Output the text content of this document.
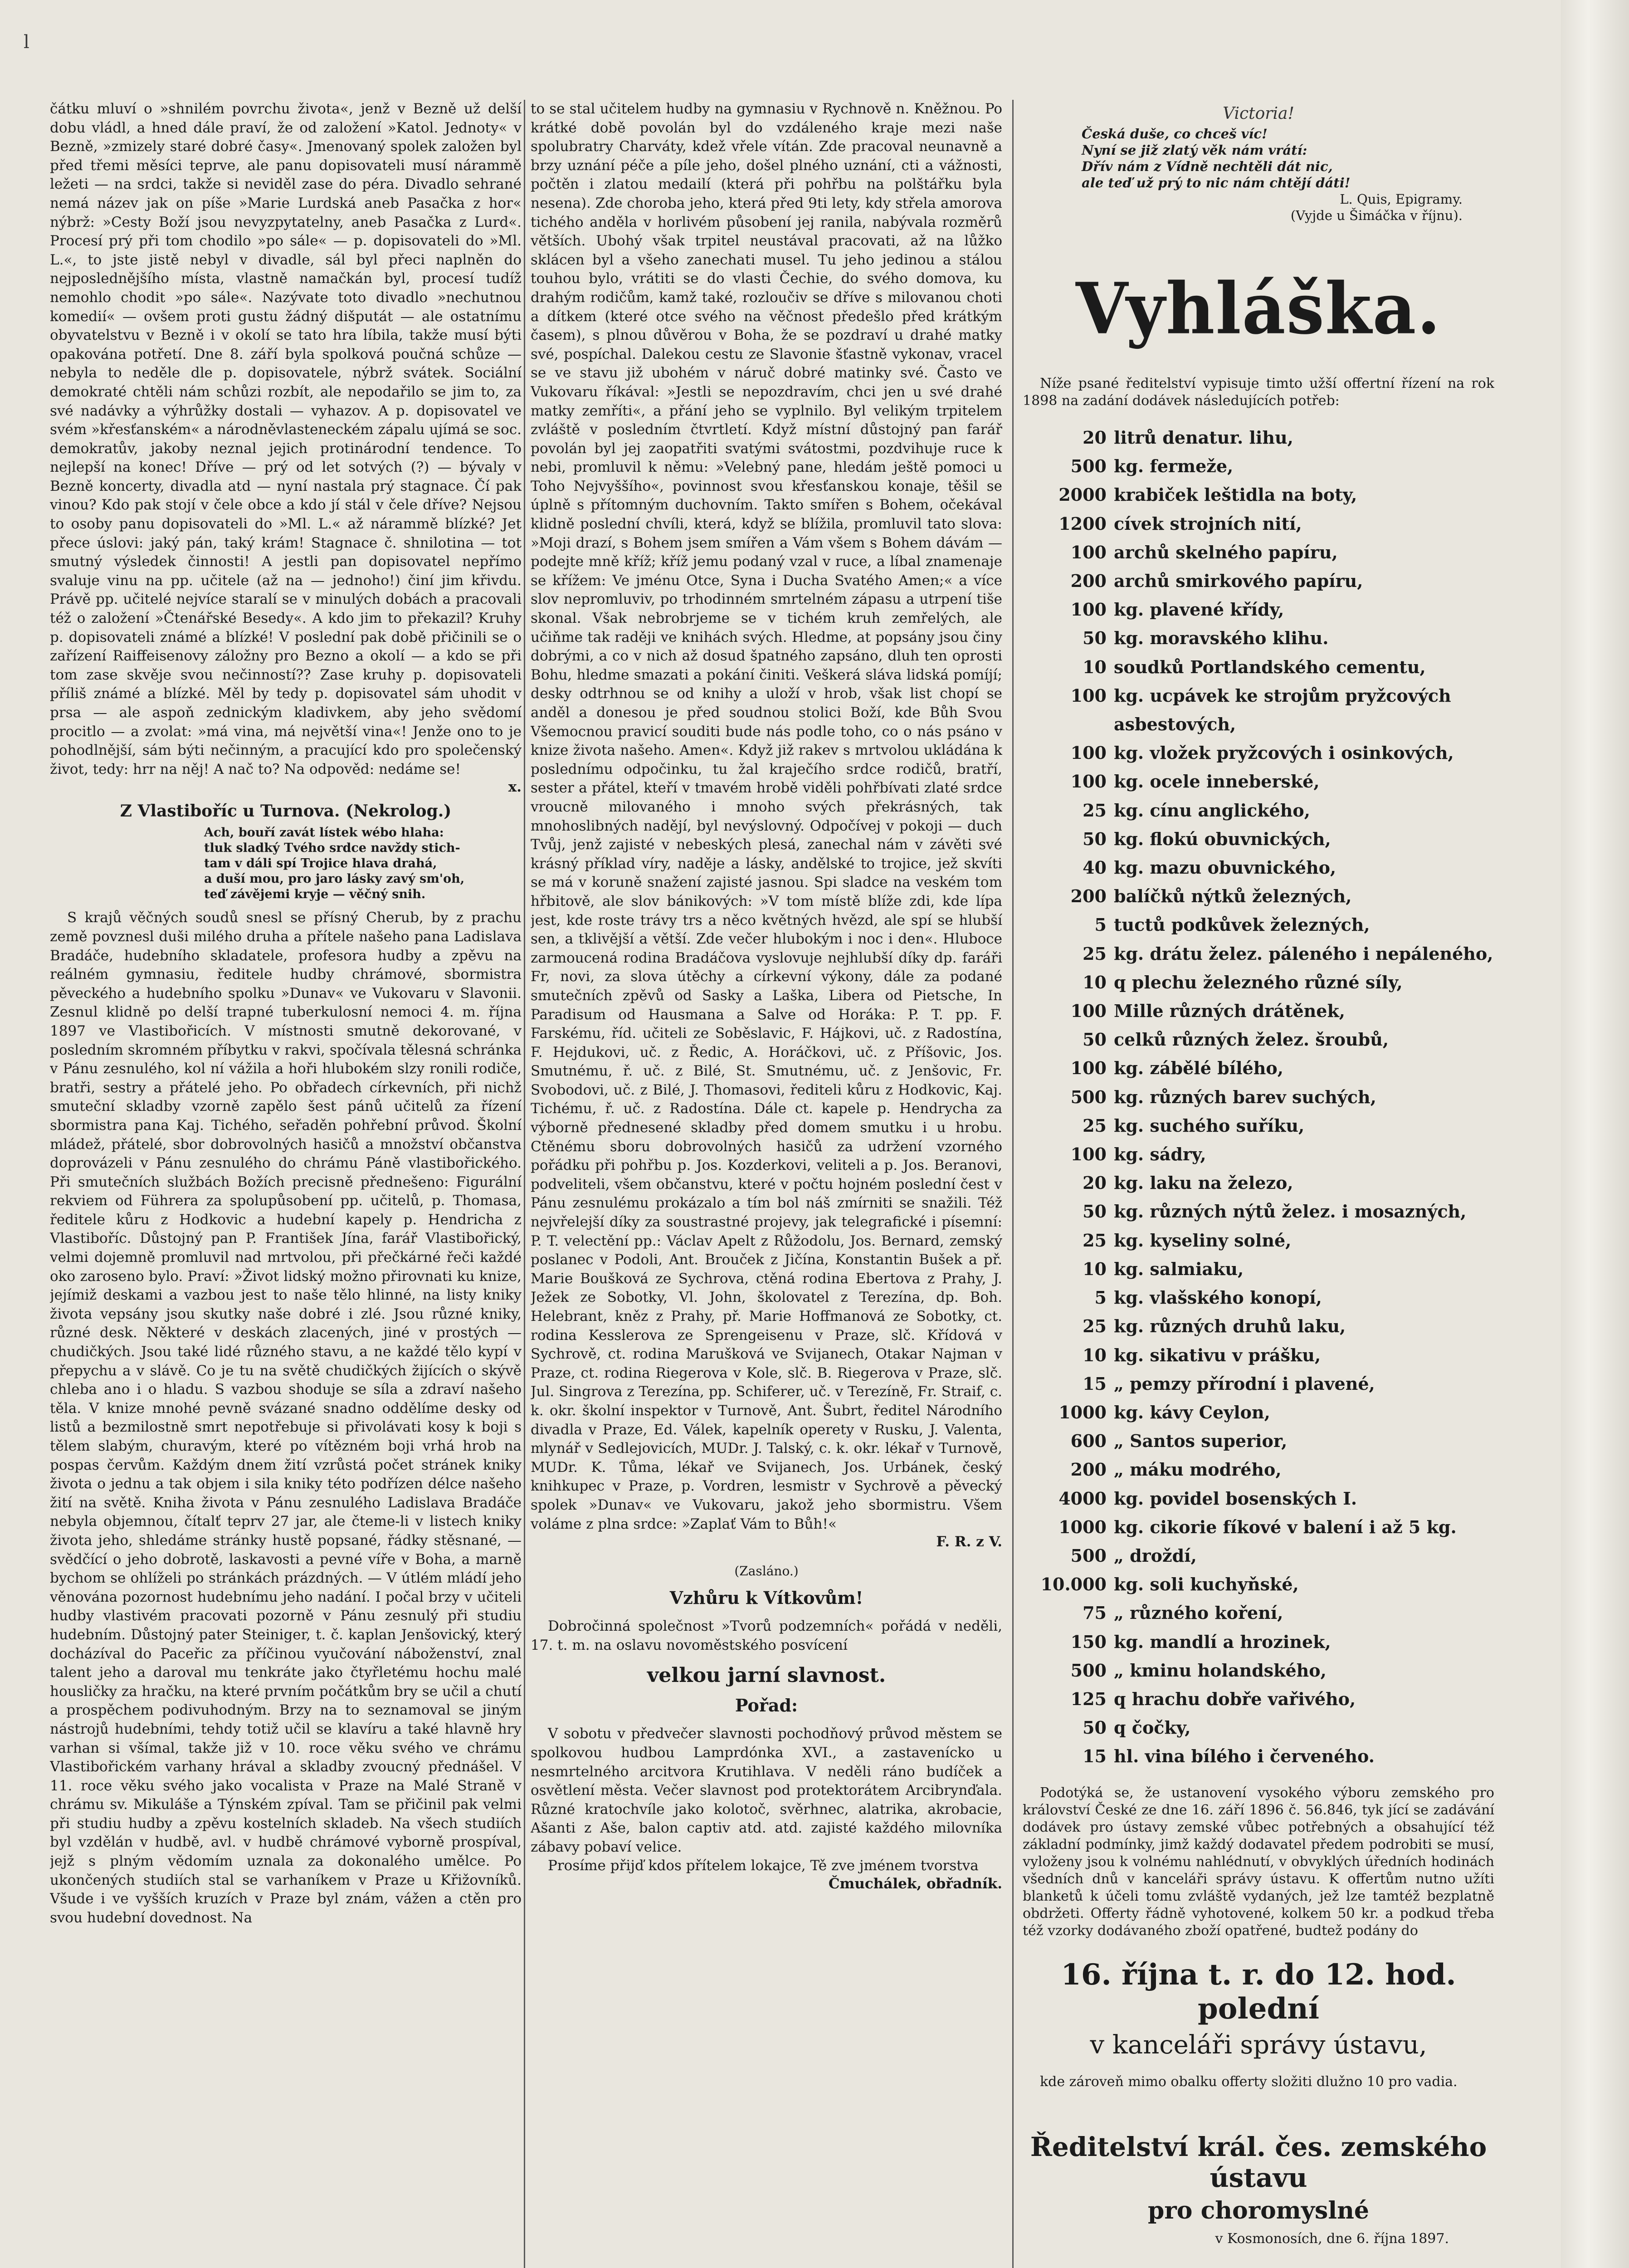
l

čátku mluví o »shnilém povrchu života«, jenž v Bezně už delší dobu vládl, a hned dále praví, že od založení »Katol. Jednoty« v Bezně, »zmizely staré dobré časy«. Jmenovaný spolek založen byl před třemi měsíci teprve, ale panu dopisovateli musí nárammě ležeti — na srdci, takže si neviděl zase do péra. Divadlo sehrané nemá název jak on píše »Marie Lurdská aneb Pasačka z hor« nýbrž: »Cesty Boží jsou nevyzpytatelny, aneb Pasačka z Lurd«. Procesí prý při tom chodilo »po sále« — p. dopisovateli do »Ml. L.«, to jste jistě nebyl v divadle, sál byl přeci naplněn do nejposlednějšího místa, vlastně namačkán byl, procesí tudíž nemohlo chodit »po sále«. Nazývate toto divadlo »nechutnou komedií« — ovšem proti gustu žádný dišputát — ale ostatnímu obyvatelstvu v Bezně i v okolí se tato hra líbila, takže musí býti opakována potřetí. Dne 8. září byla spolková poučná schůze — nebyla to neděle dle p. dopisovatele, nýbrž svátek. Sociální demokraté chtěli nám schůzi rozbít, ale nepodařilo se jim to, za své nadávky a výhrůžky dostali — vyhazov. A p. dopisovatel ve svém »křesťanském« a národněvlasteneckém zápalu ujímá se soc. demokratův, jakoby neznal jejich protinárodní tendence. To nejlepší na konec! Dříve — prý od let sotvých (?) — bývaly v Bezně koncerty, divadla atd — nyní nastala prý stagnace. Čí pak vinou? Kdo pak stojí v čele obce a kdo jí stál v čele dříve? Nejsou to osoby panu dopisovateli do »Ml. L.« až nárammě blízké? Jet přece úslovi: jaký pán, taký krám! Stagnace č. shnilotina — tot smutný výsledek činnosti! A jestli pan dopisovatel nepřímo svaluje vinu na pp. učitele (až na — jednoho!) činí jim křivdu. Právě pp. učitelé nejvíce staralí se v minulých dobách a pracovali též o založení »Čtenářské Besedy«. A kdo jim to překazil? Kruhy p. dopisovateli známé a blízké! V poslední pak době přičinili se o zařízení Raiffeisenovy záložny pro Bezno a okolí — a kdo se při tom zase skvěje svou nečinností?? Zase kruhy p. dopisovateli příliš známé a blízké. Měl by tedy p. dopisovatel sám uhodit v prsa — ale aspoň zednickým kladivkem, aby jeho svědomí procitlo — a zvolat: »má vina, má největší vina«! Jenže ono to je pohodlnější, sám býti nečinným, a pracující kdo pro společenský život, tedy: hrr na něj! A nač to? Na odpověd: nedáme se!

x.
Z Vlastiboříc u Turnova. (Nekrolog.)
Ach, bouří zavát lístek wébo hlaha:
tluk sladký Tvého srdce navždy stich-
tam v dáli spí Trojice hlava drahá,
a duší mou, pro jaro lásky zavý sm'oh,
teď závějemi kryje — věčný snih.

S krajů věčných soudů snesl se přísný Cherub, by z prachu země povznesl duši milého druha a přítele našeho pana Ladislava Bradáče, hudebního skladatele, profesora hudby a zpěvu na reálném gymnasiu, ředitele hudby chrámové, sbormistra pěveckého a hudebního spolku »Dunav« ve Vukovaru v Slavonii. Zesnul klidně po delší trapné tuberkulosní nemoci 4. m. října 1897 ve Vlastibořicích. V místnosti smutně dekorované, v posledním skromném příbytku v rakvi, spočívala tělesná schránka v Pánu zesnulého, kol ní vážila a hoři hlubokém slzy ronili rodiče, bratři, sestry a přátelé jeho. Po obřadech církevních, při nichž smuteční skladby vzorně zapělo šest pánů učitelů za řízení sbormistra pana Kaj. Tichého, seřaděn pohřební průvod. Školní mládež, přátelé, sbor dobrovolných hasičů a množství občanstva doprovázeli v Pánu zesnulého do chrámu Páně vlastibořického. Při smutečních službách Božích precisně přednešeno: Figurální rekviem od Führera za spolupůsobení pp. učitelů, p. Thomasa, ředitele kůru z Hodkovic a hudební kapely p. Hendricha z Vlastiboříc. Důstojný pan P. František Jína, farář Vlastibořický, velmi dojemně promluvil nad mrtvolou, při přečkárné řeči každé oko zaroseno bylo. Praví: »Život lidský možno přirovnati ku knize, jejímiž deskami a vazbou jest to naše tělo hlinné, na listy kniky života vepsány jsou skutky naše dobré i zlé. Jsou různé kniky, různé desk. Některé v deskách zlacených, jiné v prostých — chudičkých. Jsou také lidé různého stavu, a ne každé tělo kypí v přepychu a v slávě. Co je tu na světě chudičkých žijících o skývě chleba ano i o hladu. S vazbou shoduje se síla a zdraví našeho těla. V knize mnohé pevně svázané snadno oddělíme desky od listů a bezmilostně smrt nepotřebuje si přivolávati kosy k boji s tělem slabým, churavým, které po vítězném boji vrhá hrob na pospas červům. Každým dnem žití vzrůstá počet stránek kniky života o jednu a tak objem i sila kniky této podřízen délce našeho žití na světě. Kniha života v Pánu zesnulého Ladislava Bradáče nebyla objemnou, čítalť teprv 27 jar, ale čteme-li v listech kniky života jeho, shledáme stránky hustě popsané, řádky stěsnané, — svědčící o jeho dobrotě, laskavosti a pevné víře v Boha, a marně bychom se ohlíželi po stránkách prázdných. — V útlém mládí jeho věnována pozornost hudebnímu jeho nadání. I počal brzy v učiteli hudby vlastivém pracovati pozorně v Pánu zesnulý při studiu hudebním. Důstojný pater Steiniger, t. č. kaplan Jenšovický, který docházíval do Paceřic za příčinou vyučování náboženství, znal talent jeho a daroval mu tenkráte jako čtyřletému hochu malé housličky za hračku, na které prvním počátkům bry se učil a chutí a prospěchem podivuhodným. Brzy na to seznamoval se jiným nástrojů hudebními, tehdy totiž učil se klavíru a také hlavně hry varhan si všímal, takže již v 10. roce věku svého ve chrámu Vlastibořickém varhany hrával a skladby zvoucný přednášel. V 11. roce věku svého jako vocalista v Praze na Malé Straně v chrámu sv. Mikuláše a Týnském zpíval. Tam se přičinil pak velmi při studiu hudby a zpěvu kostelních skladeb. Na všech studiích byl vzdělán v hudbě, avl. v hudbě chrámové vyborně prospíval, jejž s plným vědomím uznala za dokonalého umělce. Po ukončených studiích stal se varhaníkem v Praze u Křižovníků. Všude i ve vyšších kruzích v Praze byl znám, vážen a ctěn pro svou hudební dovednost. Na

to se stal učitelem hudby na gymnasiu v Rychnově n. Kněžnou. Po krátké době povolán byl do vzdáleného kraje mezi naše spolubratry Charváty, kdež vřele vítán. Zde pracoval neunavně a brzy uznání péče a píle jeho, došel plného uznání, cti a vážnosti, počtěn i zlatou medailí (která při pohřbu na polštářku byla nesena). Zde choroba jeho, která před 9ti lety, kdy střela amorova tichého anděla v horlivém působení jej ranila, nabývala rozměrů větších. Ubohý však trpitel neustával pracovati, až na lůžko sklácen byl a všeho zanechati musel. Tu jeho jedinou a stálou touhou bylo, vrátiti se do vlasti Čechie, do svého domova, ku drahým rodičům, kamž také, rozloučiv se dříve s milovanou choti a dítkem (které otce svého na věčnost předešlo před krátkým časem), s plnou důvěrou v Boha, že se pozdraví u drahé matky své, pospíchal. Dalekou cestu ze Slavonie šťastně vykonav, vracel se ve stavu již ubohém v náruč dobré matinky své. Často ve Vukovaru říkával: »Jestli se nepozdravím, chci jen u své drahé matky zemříti«, a přání jeho se vyplnilo. Byl velikým trpitelem zvláště v posledním čtvrtletí. Když místní důstojný pan farář povolán byl jej zaopatřiti svatými svátostmi, pozdvihuje ruce k nebi, promluvil k němu: »Velebný pane, hledám ještě pomoci u Toho Nejvyššího«, povinnost svou křesťanskou konaje, těšil se úplně s přítomným duchovním. Takto smířen s Bohem, očekával klidně poslední chvíli, která, když se blížila, promluvil tato slova: »Moji drazí, s Bohem jsem smířen a Vám všem s Bohem dávám — podejte mně kříž; kříž jemu podaný vzal v ruce, a líbal znamenaje se křížem: Ve jménu Otce, Syna i Ducha Svatého Amen;« a více slov nepromluviv, po trhodinném smrtelném zápasu a utrpení tiše skonal. Však nebrobrjeme se v tichém kruh zemřelých, ale učiňme tak raději ve knihách svých. Hledme, at popsány jsou činy dobrými, a co v nich až dosud špatného zapsáno, dluh ten oprosti Bohu, hledme smazati a pokání činiti. Veškerá sláva lidská pomíjí; desky odtrhnou se od knihy a uloží v hrob, však list chopí se anděl a donesou je před soudnou stolici Boží, kde Bůh Svou Všemocnou pravicí souditi bude nás podle toho, co o nás psáno v knize života našeho. Amen«. Když již rakev s mrtvolou ukládána k poslednímu odpočinku, tu žal kraječího srdce rodičů, bratří, sester a přátel, kteří v tmavém hrobě viděli pohřbívati zlaté srdce vroucně milovaného i mnoho svých překrásných, tak mnohoslibných nadějí, byl nevýslovný. Odpočívej v pokoji — duch Tvůj, jenž zajisté v nebeských plesá, zanechal nám v závěti své krásný příklad víry, naděje a lásky, andělské to trojice, jež skvíti se má v koruně snažení zajisté jasnou. Spi sladce na veském tom hřbitově, ale slov bánikových: »V tom místě blíže zdi, kde lípa jest, kde roste trávy trs a něco květných hvězd, ale spí se hlubší sen, a tklivější a větší. Zde večer hlubokým i noc i den«. Hluboce zarmoucená rodina Bradáčova vyslovuje nejhlubší díky dp. faráři Fr, novi, za slova útěchy a církevní výkony, dále za podané smutečních zpěvů od Sasky a Laška, Libera od Pietsche, In Paradisum od Hausmana a Salve od Horáka: P. T. pp. F. Farskému, říd. učiteli ze Soběslavic, F. Hájkovi, uč. z Radostína, F. Hejdukovi, uč. z Ředic, A. Horáčkovi, uč. z Příšovic, Jos. Smutnému, ř. uč. z Bilé, St. Smutnému, uč. z Jenšovic, Fr. Svobodovi, uč. z Bilé, J. Thomasovi, řediteli kůru z Hodkovic, Kaj. Tichému, ř. uč. z Radostína. Dále ct. kapele p. Hendrycha za výborně přednesené skladby před domem smutku i u hrobu. Ctěnému sboru dobrovolných hasičů za udržení vzorného pořádku při pohřbu p. Jos. Kozderkovi, veliteli a p. Jos. Beranovi, podveliteli, všem občanstvu, které v počtu hojném poslední čest v Pánu zesnulému prokázalo a tím bol náš zmírniti se snažili. Též nejvřelejší díky za soustrastné projevy, jak telegrafické i písemní: P. T. velectění pp.: Václav Apelt z Růžodolu, Jos. Bernard, zemský poslanec v Podoli, Ant. Brouček z Jičína, Konstantin Bušek a př. Marie Boušková ze Sychrova, ctěná rodina Ebertova z Prahy, J. Ježek ze Sobotky, Vl. John, školovatel z Terezína, dp. Boh. Helebrant, kněz z Prahy, př. Marie Hoffmanová ze Sobotky, ct. rodina Kesslerova ze Sprengeisenu v Praze, slč. Křídová v Sychrově, ct. rodina Marušková ve Svijanech, Otakar Najman v Praze, ct. rodina Riegerova v Kole, slč. B. Riegerova v Praze, slč. Jul. Singrova z Terezína, pp. Schiferer, uč. v Terezíně, Fr. Straif, c. k. okr. školní inspektor v Turnově, Ant. Šubrt, ředitel Národního divadla v Praze, Ed. Válek, kapelník operety v Rusku, J. Valenta, mlynář v Sedlejovicích, MUDr. J. Talský, c. k. okr. lékař v Turnově, MUDr. K. Tůma, lékař ve Svijanech, Jos. Urbánek, český knihkupec v Praze, p. Vordren, lesmistr v Sychrově a pěvecký spolek »Dunav« ve Vukovaru, jakož jeho sbormistru. Všem voláme z plna srdce: »Zaplať Vám to Bůh!«

F. R. z V.
(Zasláno.)
Vzhůru k Vítkovům!

Dobročinná společnost »Tvorů podzemních« pořádá v neděli, 17. t. m. na oslavu novoměstského posvícení

velkou jarní slavnost.
Pořad:

V sobotu v předvečer slavnosti pochodňový průvod městem se spolkovou hudbou Lamprdónka XVI., a zastavenícko u nesmrtelného arcitvora Krutihlava. V neděli ráno budíček a osvětlení města. Večer slavnost pod protektorátem Arcibrynďala. Různé kratochvíle jako kolotoč, svěrhnec, alatrika, akrobacie, Ašanti z Aše, balon captiv atd. atd. zajisté každého milovníka zábavy pobaví velice.

Prosíme přijď kdos přítelem lokajce, Tě zve jménem tvorstva

Čmuchálek, obřadník.
Victoria!
Česká duše, co chceš víc!
Nyní se již zlatý věk nám vrátí:
Dřív nám z Vídně nechtěli dát nic,
ale teď už prý to nic nám chtějí dáti!
L. Quis, Epigramy.
(Vyjde u Šimáčka v říjnu).
Vyhláška.

Níže psané ředitelství vypisuje timto užší offertní řízení na rok 1898 na zadání dodávek následujících potřeb:

20 litrů denatur. lihu,
500 kg. fermeže,
2000 krabiček leštidla na boty,
1200 cívek strojních nití,
100 archů skelného papíru,
200 archů smirkového papíru,
100 kg. plavené křídy,
50 kg. moravského klihu.
10 soudků Portlandského cementu,
100 kg. ucpávek ke strojům pryžcových
asbestových,
100 kg. vložek pryžcových i osinkových,
100 kg. ocele inneberské,
25 kg. cínu anglického,
50 kg. flokú obuvnických,
40 kg. mazu obuvnického,
200 balíčků nýtků železných,
5 tuctů podkůvek železných,
25 kg. drátu želez. páleného i nepáleného,
10 q plechu železného různé síly,
100 Mille různých drátěnek,
50 celků různých želez. šroubů,
100 kg. zábělé bílého,
500 kg. různých barev suchých,
25 kg. suchého suříku,
100 kg. sádry,
20 kg. laku na železo,
50 kg. různých nýtů želez. i mosazných,
25 kg. kyseliny solné,
10 kg. salmiaku,
5 kg. vlašského konopí,
25 kg. různých druhů laku,
10 kg. sikativu v prášku,
15 „ pemzy přírodní i plavené,
1000 kg. kávy Ceylon,
600 „ Santos superior,
200 „ máku modrého,
4000 kg. povidel bosenských I.
1000 kg. cikorie fíkové v balení i až 5 kg.
500 „ droždí,
10.000 kg. soli kuchyňské,
75 „ různého koření,
150 kg. mandlí a hrozinek,
500 „ kminu holandského,
125 q hrachu dobře vařivého,
50 q čočky,
15 hl. vina bílého i červeného.

Podotýká se, že ustanovení vysokého výboru zemského pro království České ze dne 16. září 1896 č. 56.846, tyk jící se zadávání dodávek pro ústavy zemské vůbec potřebných a obsahující též základní podmínky, jimž každý dodavatel předem podrobiti se musí, vyloženy jsou k volnému nahlédnutí, v obvyklých úředních hodinách všedních dnů v kanceláři správy ústavu. K offertům nutno užíti blanketů k účeli tomu zvláště vydaných, jež lze tamtéž bezplatně obdržeti. Offerty řádně vyhotovené, kolkem 50 kr. a podkud třeba též vzorky dodávaného zboží opatřené, budtež podány do

16. října t. r. do 12. hod. polední
v kanceláři správy ústavu,

kde zároveň mimo obalku offerty složiti dlužno 10 pro vadia.

Ředitelství král. čes. zemského ústavu
pro choromyslné
v Kosmonosích, dne 6. října 1897.
